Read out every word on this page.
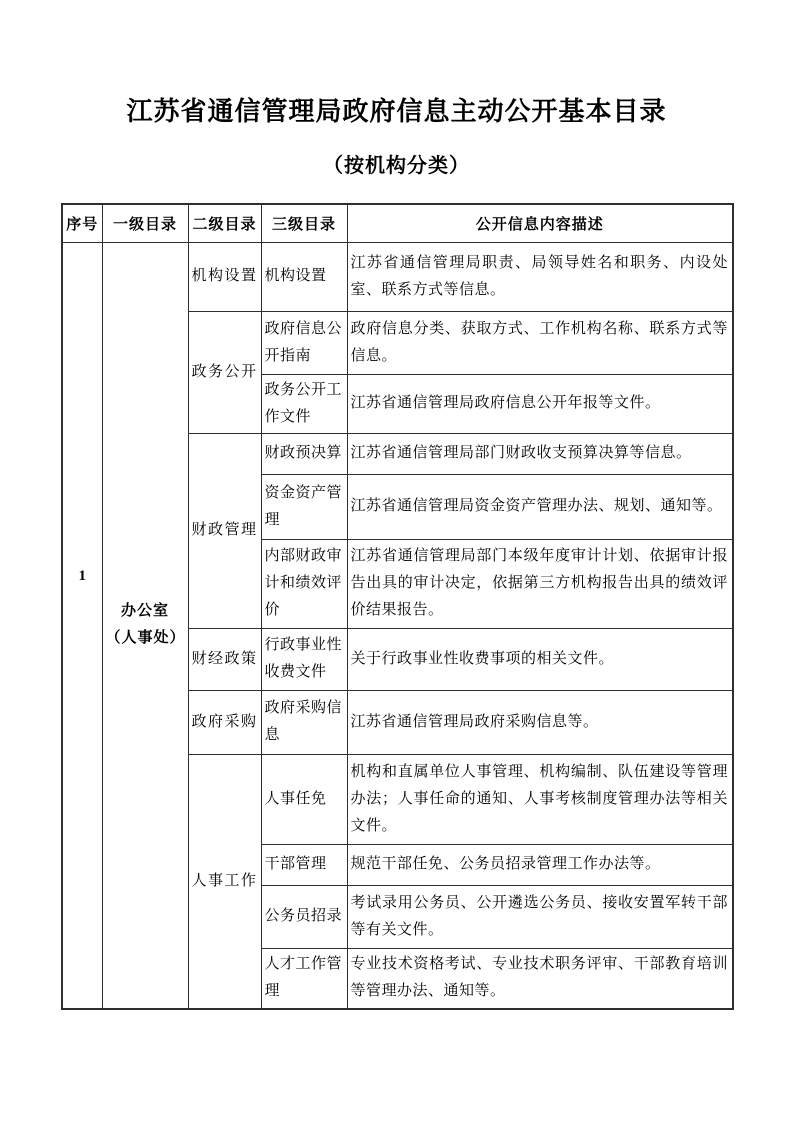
江苏省通信管理局政府信息主动公开基本目录
（按机构分类）
序号	一级目录	二级目录	三级目录	公开信息内容描述
1	办公室（人事处）	机构设置	机构设置	江苏省通信管理局职责、局领导姓名和职务、内设处室、联系方式等信息。
		政务公开	政府信息公开指南	政府信息分类、获取方式、工作机构名称、联系方式等信息。
			政务公开工作文件	江苏省通信管理局政府信息公开年报等文件。
		财政管理	财政预决算	江苏省通信管理局部门财政收支预算决算等信息。
			资金资产管理	江苏省通信管理局资金资产管理办法、规划、通知等。
			内部财政审计和绩效评价	江苏省通信管理局部门本级年度审计计划、依据审计报告出具的审计决定，依据第三方机构报告出具的绩效评价结果报告。
		财经政策	行政事业性收费文件	关于行政事业性收费事项的相关文件。
		政府采购	政府采购信息	江苏省通信管理局政府采购信息等。
		人事工作	人事任免	机构和直属单位人事管理、机构编制、队伍建设等管理办法；人事任命的通知、人事考核制度管理办法等相关文件。
			干部管理	规范干部任免、公务员招录管理工作办法等。
			公务员招录	考试录用公务员、公开遴选公务员、接收安置军转干部等有关文件。
			人才工作管理	专业技术资格考试、专业技术职务评审、干部教育培训等管理办法、通知等。
